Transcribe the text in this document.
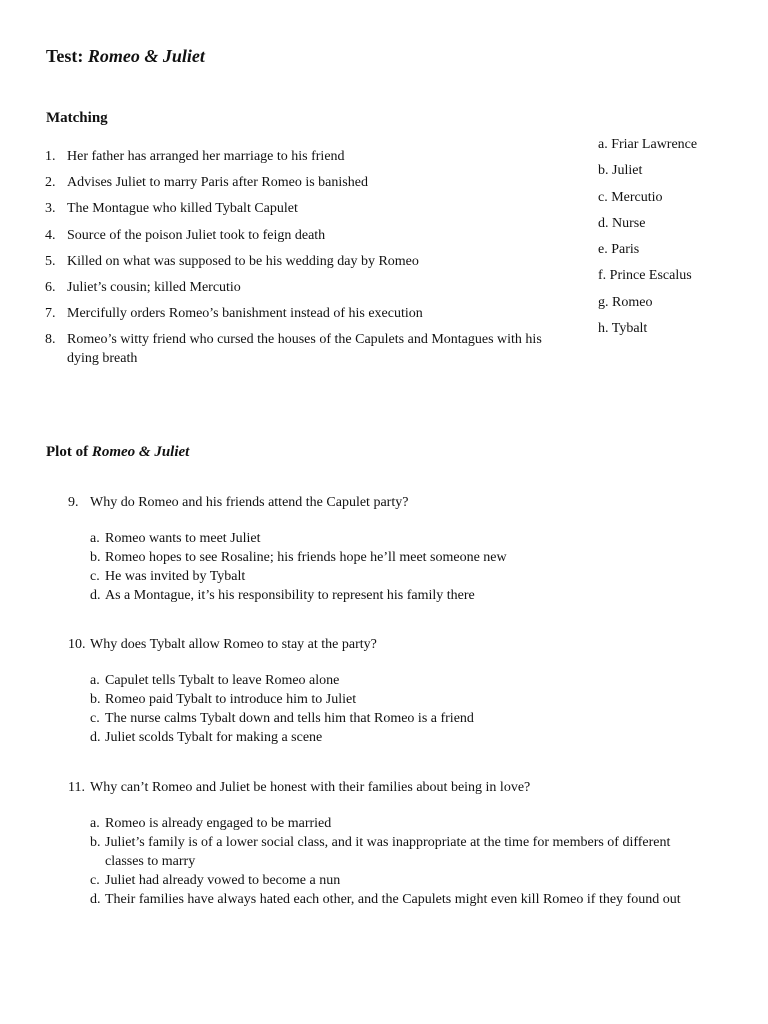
Test: Romeo & Juliet
Matching
1. Her father has arranged her marriage to his friend
2. Advises Juliet to marry Paris after Romeo is banished
3. The Montague who killed Tybalt Capulet
4. Source of the poison Juliet took to feign death
5. Killed on what was supposed to be his wedding day by Romeo
6. Juliet’s cousin; killed Mercutio
7. Mercifully orders Romeo’s banishment instead of his execution
8. Romeo’s witty friend who cursed the houses of the Capulets and Montagues with his dying breath
a. Friar Lawrence
b. Juliet
c. Mercutio
d. Nurse
e. Paris
f. Prince Escalus
g. Romeo
h. Tybalt
Plot of Romeo & Juliet
9. Why do Romeo and his friends attend the Capulet party?
a. Romeo wants to meet Juliet
b. Romeo hopes to see Rosaline; his friends hope he’ll meet someone new
c. He was invited by Tybalt
d. As a Montague, it’s his responsibility to represent his family there
10. Why does Tybalt allow Romeo to stay at the party?
a. Capulet tells Tybalt to leave Romeo alone
b. Romeo paid Tybalt to introduce him to Juliet
c. The nurse calms Tybalt down and tells him that Romeo is a friend
d. Juliet scolds Tybalt for making a scene
11. Why can’t Romeo and Juliet be honest with their families about being in love?
a. Romeo is already engaged to be married
b. Juliet’s family is of a lower social class, and it was inappropriate at the time for members of different classes to marry
c. Juliet had already vowed to become a nun
d. Their families have always hated each other, and the Capulets might even kill Romeo if they found out
